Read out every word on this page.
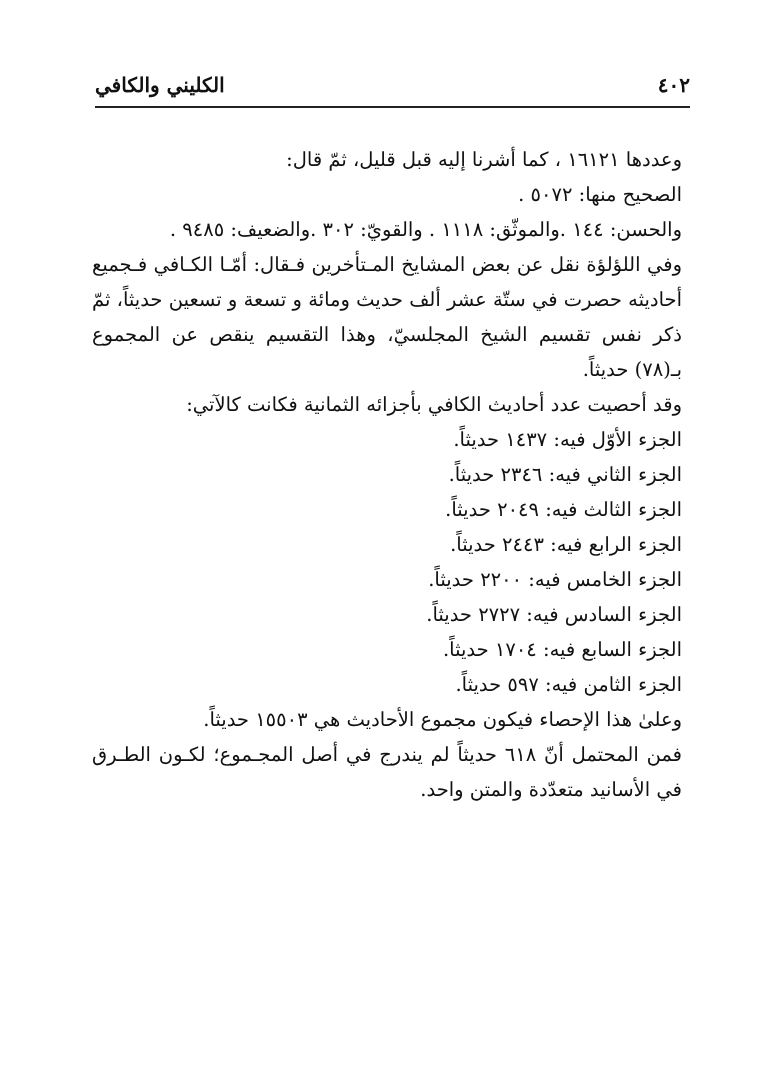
٤٠٢
الكليني والكافي

وعددها ١٦١٢١ ، كما أشرنا إليه قبل قليل، ثمّ قال:

الصحيح منها: ٥٠٧٢ .

والحسن: ١٤٤ .والموثّق: ١١١٨ . والقويّ: ٣٠٢ .والضعيف: ٩٤٨٥ .

وفي اللؤلؤة نقل عن بعض المشايخ المـتأخرين فـقال: أمّـا الكـافي فـجميع أحاديثه حصرت في ستّة عشر ألف حديث ومائة و تسعة و تسعين حديثاً، ثمّ ذكر نفس تقسيم الشيخ المجلسيّ، وهذا التقسيم ينقص عن المجموع بـ(٧٨) حديثاً.

وقد أحصيت عدد أحاديث الكافي بأجزائه الثمانية فكانت كالآتي:

الجزء الأوّل فيه: ١٤٣٧ حديثاً.

الجزء الثاني فيه: ٢٣٤٦ حديثاً.

الجزء الثالث فيه: ٢٠٤٩ حديثاً.

الجزء الرابع فيه: ٢٤٤٣ حديثاً.

الجزء الخامس فيه: ٢٢٠٠ حديثاً.

الجزء السادس فيه: ٢٧٢٧ حديثاً.

الجزء السابع فيه: ١٧٠٤ حديثاً.

الجزء الثامن فيه: ٥٩٧ حديثاً.

وعلىٰ هذا الإحصاء فيكون مجموع الأحاديث هي ١٥٥٠٣ حديثاً.

فمن المحتمل أنّ ٦١٨ حديثاً لم يندرج في أصل المجـموع؛ لكـون الطـرق في الأسانيد متعدّدة والمتن واحد.
